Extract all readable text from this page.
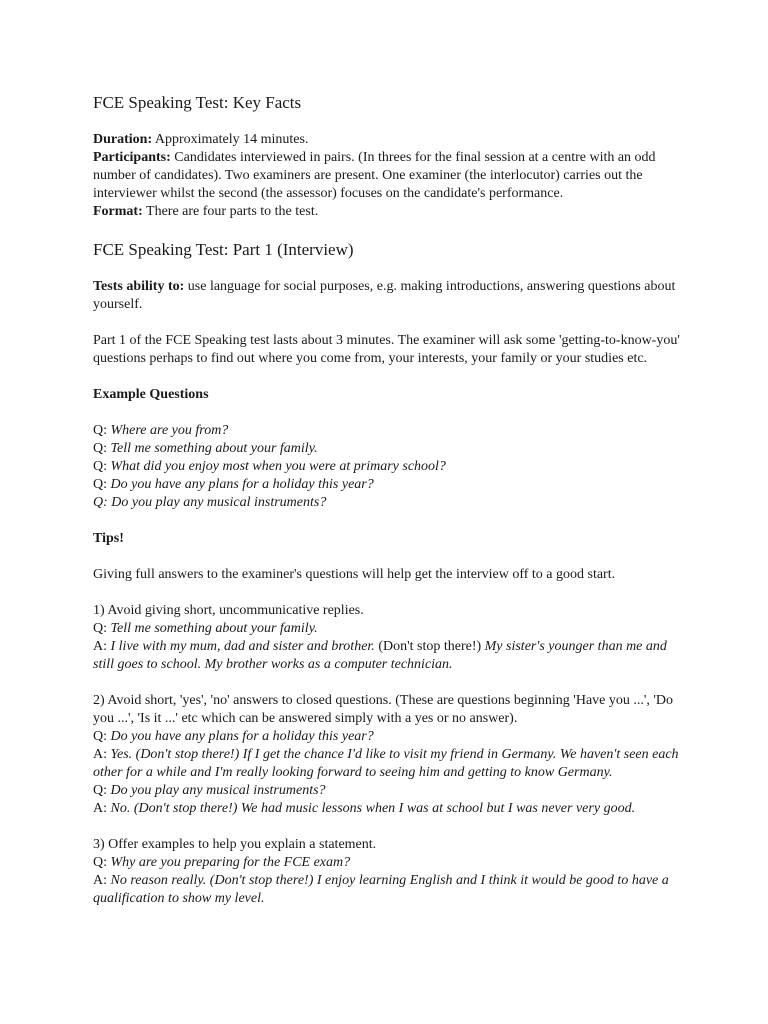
FCE Speaking Test: Key Facts

Duration: Approximately 14 minutes.

Participants: Candidates interviewed in pairs. (In threes for the final session at a centre with an odd number of candidates). Two examiners are present. One examiner (the interlocutor) carries out the interviewer whilst the second (the assessor) focuses on the candidate's performance.

Format: There are four parts to the test.

FCE Speaking Test: Part 1 (Interview)

Tests ability to: use language for social purposes, e.g. making introductions, answering questions about yourself.

Part 1 of the FCE Speaking test lasts about 3 minutes. The examiner will ask some 'getting-to-know-you' questions perhaps to find out where you come from, your interests, your family or your studies etc.

Example Questions

Q: Where are you from?

Q: Tell me something about your family.

Q: What did you enjoy most when you were at primary school?

Q: Do you have any plans for a holiday this year?

Q: Do you play any musical instruments?

Tips!

Giving full answers to the examiner's questions will help get the interview off to a good start.

1) Avoid giving short, uncommunicative replies.

Q: Tell me something about your family.

A: I live with my mum, dad and sister and brother. (Don't stop there!) My sister's younger than me and still goes to school. My brother works as a computer technician.

2) Avoid short, 'yes', 'no' answers to closed questions. (These are questions beginning 'Have you ...', 'Do you ...', 'Is it ...' etc which can be answered simply with a yes or no answer).

Q: Do you have any plans for a holiday this year?

A: Yes. (Don't stop there!) If I get the chance I'd like to visit my friend in Germany. We haven't seen each other for a while and I'm really looking forward to seeing him and getting to know Germany.

Q: Do you play any musical instruments?

A: No. (Don't stop there!) We had music lessons when I was at school but I was never very good.

3) Offer examples to help you explain a statement.

Q: Why are you preparing for the FCE exam?

A: No reason really. (Don't stop there!) I enjoy learning English and I think it would be good to have a qualification to show my level.
